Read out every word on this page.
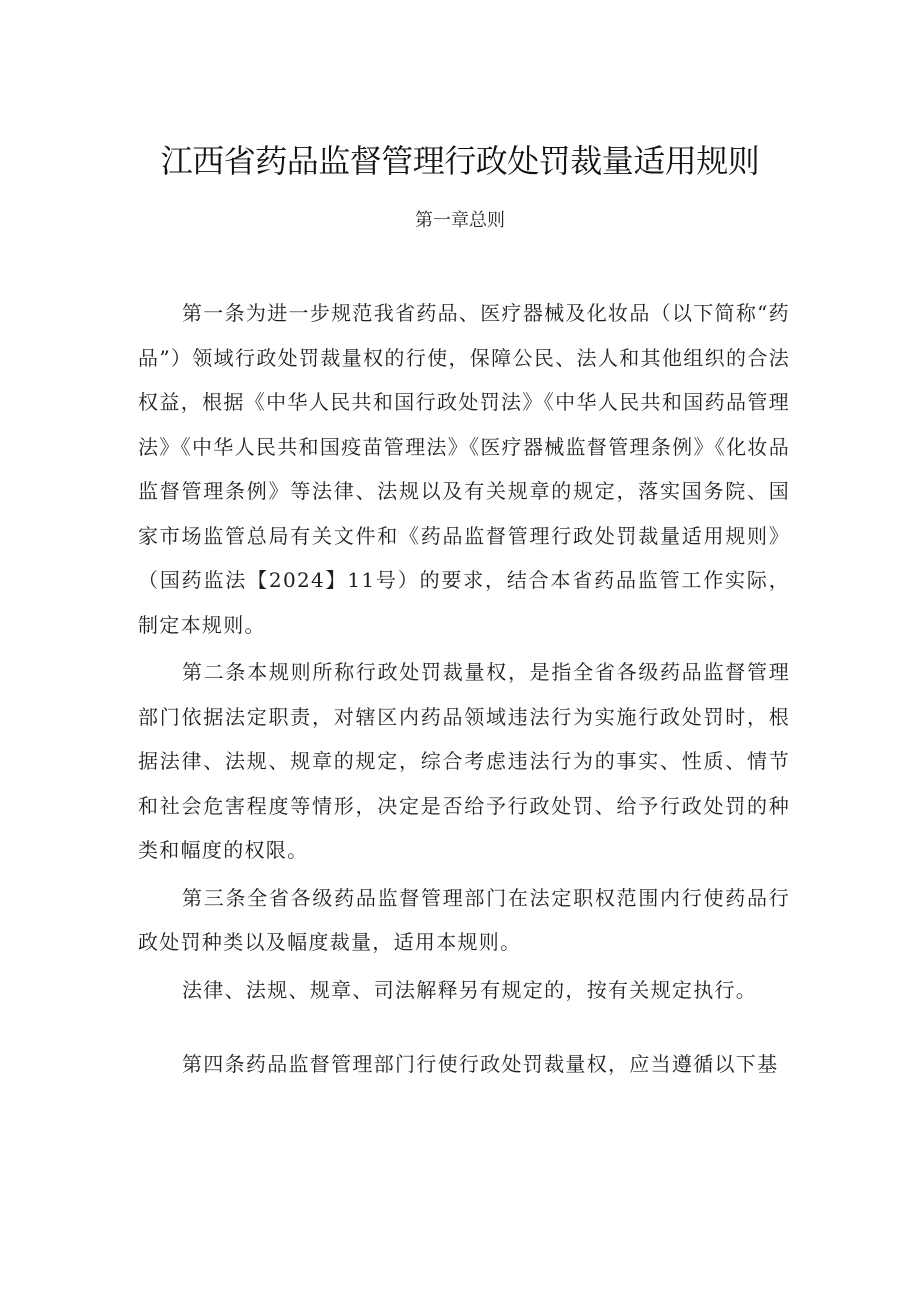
江西省药品监督管理行政处罚裁量适用规则
第一章总则

第一条为进一步规范我省药品、医疗器械及化妆品（以下简称“药品”）领域行政处罚裁量权的行使，保障公民、法人和其他组织的合法权益，根据《中华人民共和国行政处罚法》《中华人民共和国药品管理法》《中华人民共和国疫苗管理法》《医疗器械监督管理条例》《化妆品监督管理条例》等法律、法规以及有关规章的规定，落实国务院、国家市场监管总局有关文件和《药品监督管理行政处罚裁量适用规则》（国药监法【2024】11号）的要求，结合本省药品监管工作实际，制定本规则。

第二条本规则所称行政处罚裁量权，是指全省各级药品监督管理部门依据法定职责，对辖区内药品领域违法行为实施行政处罚时，根据法律、法规、规章的规定，综合考虑违法行为的事实、性质、情节和社会危害程度等情形，决定是否给予行政处罚、给予行政处罚的种类和幅度的权限。

第三条全省各级药品监督管理部门在法定职权范围内行使药品行政处罚种类以及幅度裁量，适用本规则。

法律、法规、规章、司法解释另有规定的，按有关规定执行。

第四条药品监督管理部门行使行政处罚裁量权，应当遵循以下基
